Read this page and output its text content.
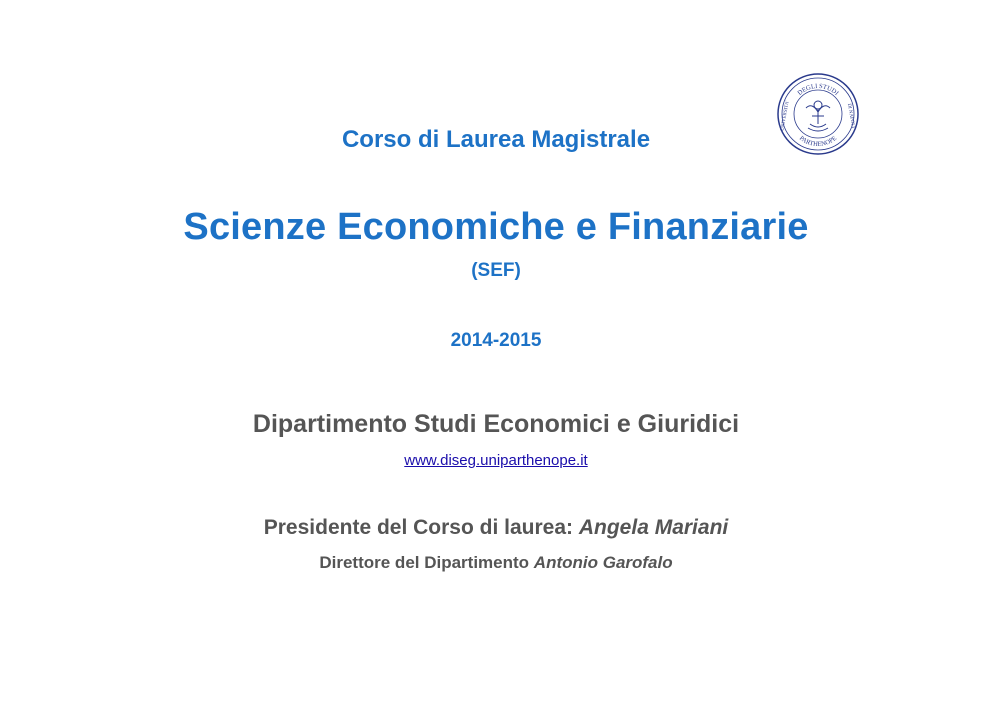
DEGLI STUDI
PARTHENOPE
UNIVERSITA'	DI NAPOLI

Corso di Laurea Magistrale

Scienze Economiche e Finanziarie

(SEF)

2014-2015

Dipartimento Studi Economici e Giuridici

www.diseg.uniparthenope.it

Presidente del Corso di laurea: Angela Mariani

Direttore del Dipartimento Antonio Garofalo
